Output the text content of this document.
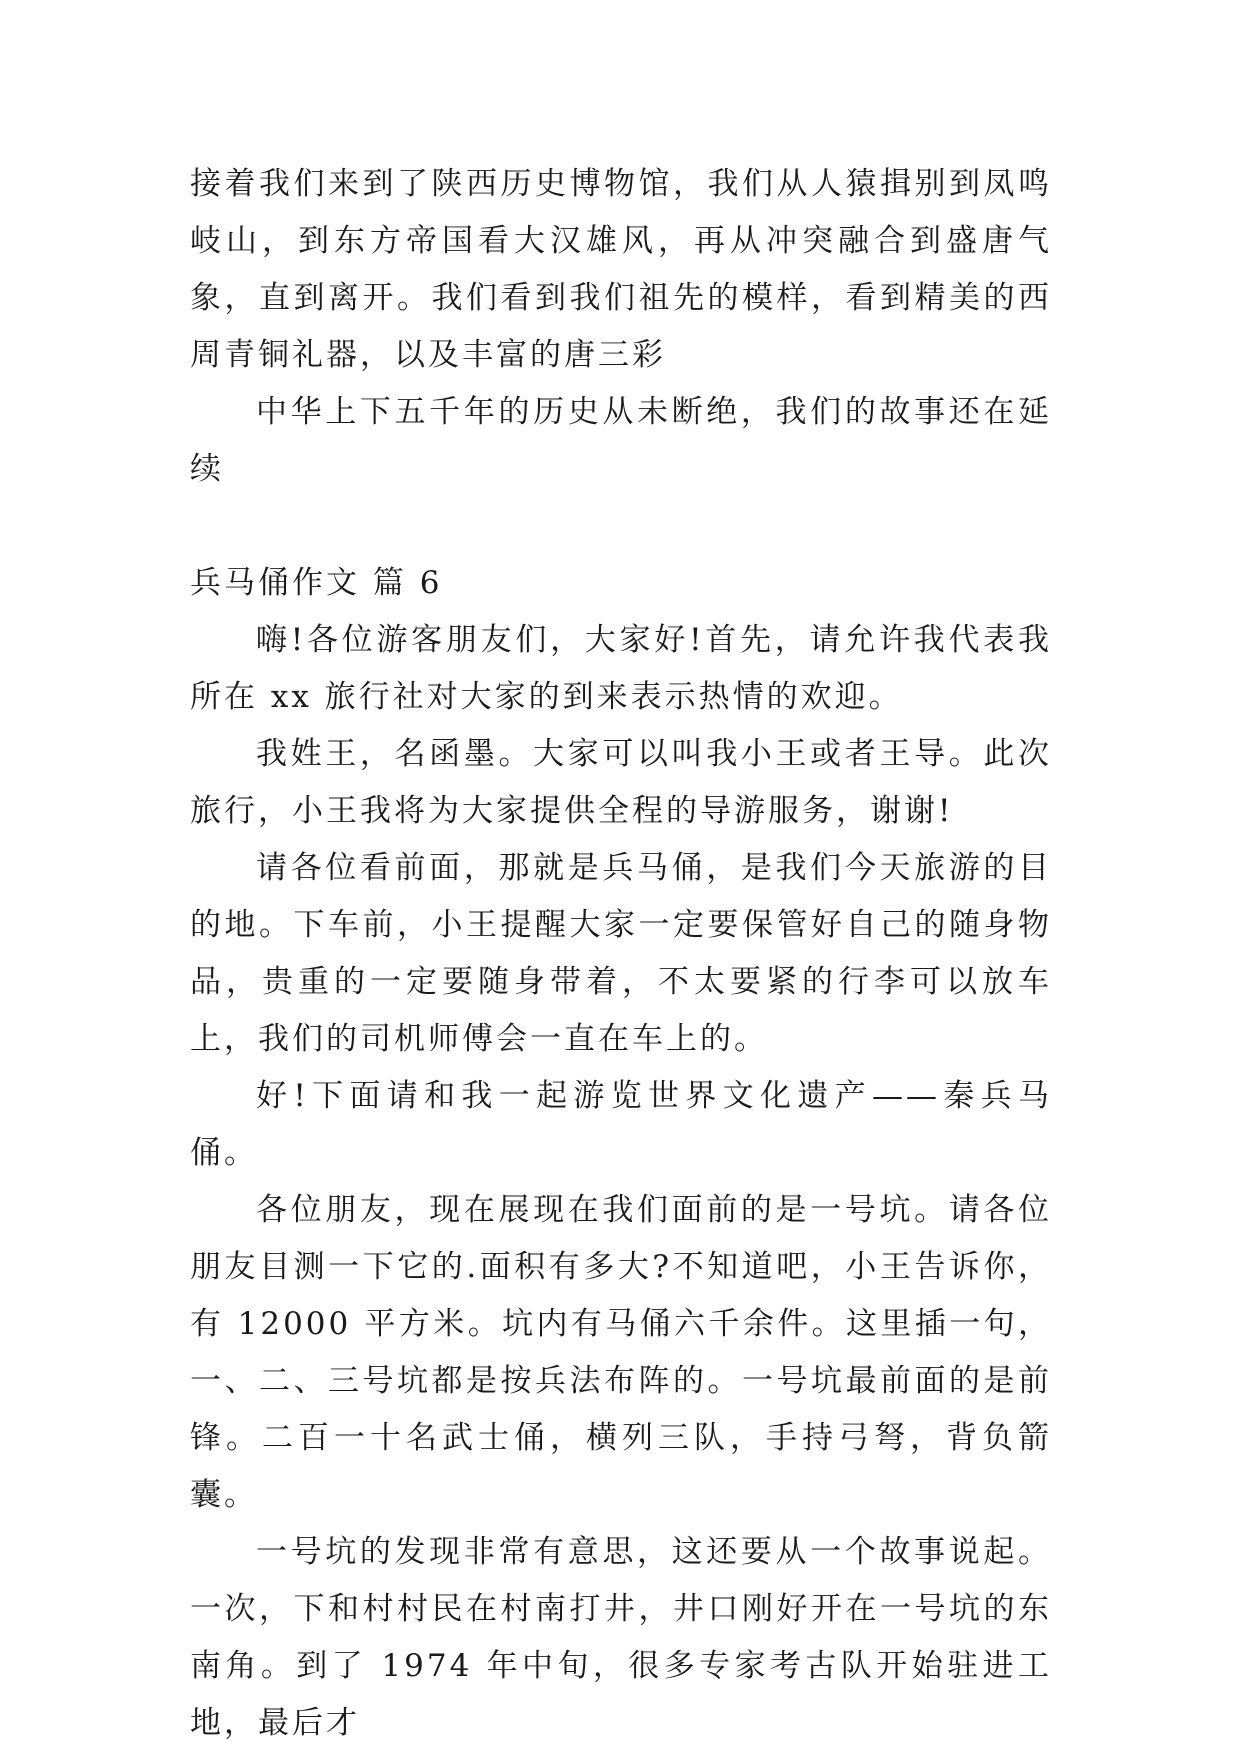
接着我们来到了陕西历史博物馆，我们从人猿揖别到凤鸣岐山，到东方帝国看大汉雄风，再从冲突融合到盛唐气象，直到离开。我们看到我们祖先的模样，看到精美的西周青铜礼器，以及丰富的唐三彩

中华上下五千年的历史从未断绝，我们的故事还在延续

兵马俑作文 篇 6

嗨!各位游客朋友们，大家好!首先，请允许我代表我所在 xx 旅行社对大家的到来表示热情的欢迎。

我姓王，名函墨。大家可以叫我小王或者王导。此次旅行，小王我将为大家提供全程的导游服务，谢谢!

请各位看前面，那就是兵马俑，是我们今天旅游的目的地。下车前，小王提醒大家一定要保管好自己的随身物品，贵重的一定要随身带着，不太要紧的行李可以放车上，我们的司机师傅会一直在车上的。

好!下面请和我一起游览世界文化遗产——秦兵马俑。

各位朋友，现在展现在我们面前的是一号坑。请各位朋友目测一下它的.面积有多大?不知道吧，小王告诉你，有 12000 平方米。坑内有马俑六千余件。这里插一句，一、二、三号坑都是按兵法布阵的。一号坑最前面的是前锋。二百一十名武士俑，横列三队，手持弓弩，背负箭囊。

一号坑的发现非常有意思，这还要从一个故事说起。一次，下和村村民在村南打井，井口刚好开在一号坑的东南角。到了 1974 年中旬，很多专家考古队开始驻进工地，最后才
